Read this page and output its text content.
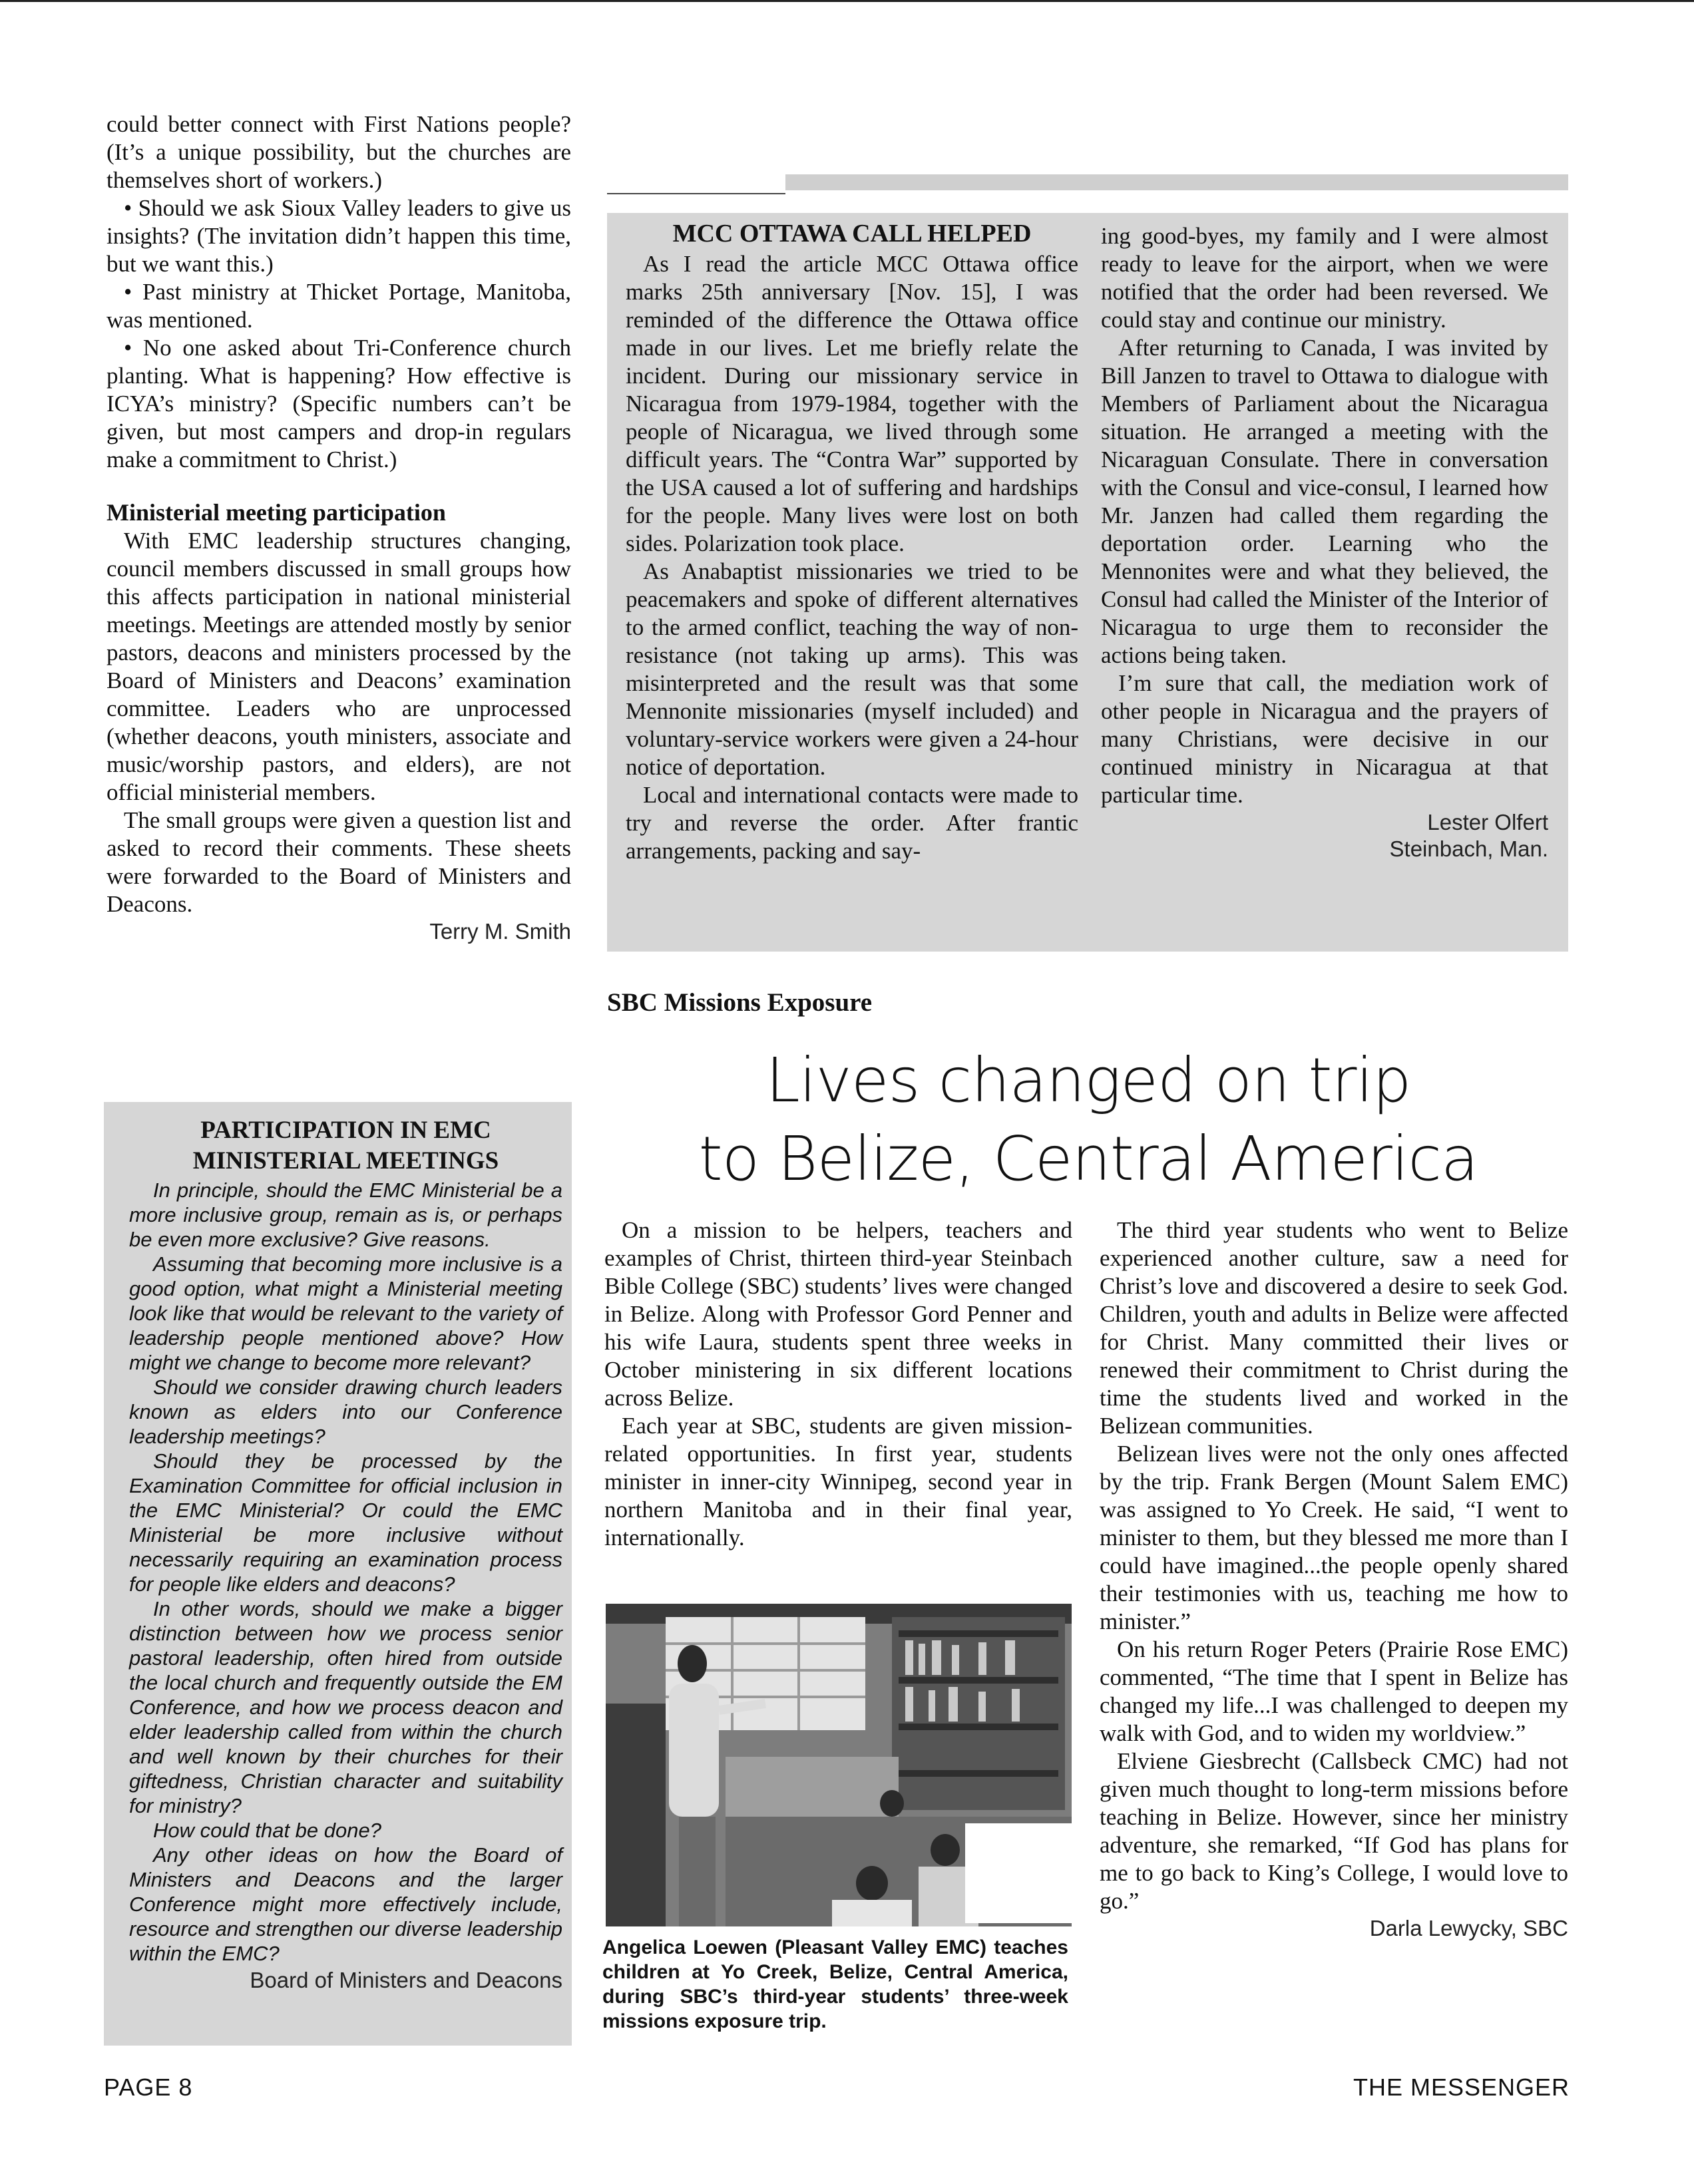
could better connect with First Nations people? (It’s a unique possibility, but the churches are themselves short of workers.)

• Should we ask Sioux Valley leaders to give us insights? (The invitation didn’t happen this time, but we want this.)

• Past ministry at Thicket Portage, Manitoba, was mentioned.

• No one asked about Tri-Conference church planting. What is happening? How effective is ICYA’s ministry? (Specific numbers can’t be given, but most campers and drop-in regulars make a commitment to Christ.)

Ministerial meeting participation

With EMC leadership structures changing, council members discussed in small groups how this affects participation in national ministerial meetings. Meetings are attended mostly by senior pastors, deacons and ministers processed by the Board of Ministers and Deacons’ examination committee. Leaders who are unprocessed (whether deacons, youth ministers, associate and music/worship pastors, and elders), are not official ministerial members.

The small groups were given a question list and asked to record their comments. These sheets were forwarded to the Board of Ministers and Deacons.

Terry M. Smith
PARTICIPATION IN EMC
MINISTERIAL MEETINGS

In principle, should the EMC Ministerial be a more inclusive group, remain as is, or perhaps be even more exclusive? Give reasons.

Assuming that becoming more inclusive is a good option, what might a Ministerial meeting look like that would be relevant to the variety of leadership people mentioned above? How might we change to become more relevant?

Should we consider drawing church leaders known as elders into our Conference leadership meetings?

Should they be processed by the Examination Committee for official inclusion in the EMC Ministerial? Or could the EMC Ministerial be more inclusive without necessarily requiring an examination process for people like elders and deacons?

In other words, should we make a bigger distinction between how we process senior pastoral leadership, often hired from outside the local church and frequently outside the EM Conference, and how we process deacon and elder leadership called from within the church and well known by their churches for their giftedness, Christian character and suitability for ministry?

How could that be done?

Any other ideas on how the Board of Ministers and Deacons and the larger Conference might more effectively include, resource and strengthen our diverse leadership within the EMC?

Board of Ministers and Deacons
MCC OTTAWA CALL HELPED

As I read the article MCC Ottawa office marks 25th anniversary [Nov. 15], I was reminded of the difference the Ottawa office made in our lives. Let me briefly relate the incident. During our missionary service in Nicaragua from 1979-1984, together with the people of Nicaragua, we lived through some difficult years. The “Contra War” supported by the USA caused a lot of suffering and hardships for the people. Many lives were lost on both sides. Polarization took place.

As Anabaptist missionaries we tried to be peacemakers and spoke of different alternatives to the armed conflict, teaching the way of non-resistance (not taking up arms). This was misinterpreted and the result was that some Mennonite missionaries (myself included) and voluntary-service workers were given a 24-hour notice of deportation.

Local and international contacts were made to try and reverse the order. After frantic arrangements, packing and say-

ing good-byes, my family and I were almost ready to leave for the airport, when we were notified that the order had been reversed. We could stay and continue our ministry.

After returning to Canada, I was invited by Bill Janzen to travel to Ottawa to dialogue with Members of Parliament about the Nicaragua situation. He arranged a meeting with the Nicaraguan Consulate. There in conversation with the Consul and vice-consul, I learned how Mr. Janzen had called them regarding the deportation order. Learning who the Mennonites were and what they believed, the Consul had called the Minister of the Interior of Nicaragua to urge them to reconsider the actions being taken.

I’m sure that call, the mediation work of other people in Nicaragua and the prayers of many Christians, were decisive in our continued ministry in Nicaragua at that particular time.

Lester Olfert
Steinbach, Man.
SBC Missions Exposure
Lives changed on trip
to Belize, Central America

On a mission to be helpers, teachers and examples of Christ, thirteen third-year Steinbach Bible College (SBC) students’ lives were changed in Belize. Along with Professor Gord Penner and his wife Laura, students spent three weeks in October ministering in six different locations across Belize.

Each year at SBC, students are given mission-related opportunities. In first year, students minister in inner-city Winnipeg, second year in northern Manitoba and in their final year, internationally.

Angelica Loewen (Pleasant Valley EMC) teaches children at Yo Creek, Belize, Central America, during SBC’s third-year students’ three-week missions exposure trip.

The third year students who went to Belize experienced another culture, saw a need for Christ’s love and discovered a desire to seek God. Children, youth and adults in Belize were affected for Christ. Many committed their lives or renewed their commitment to Christ during the time the students lived and worked in the Belizean communities.

Belizean lives were not the only ones affected by the trip. Frank Bergen (Mount Salem EMC) was assigned to Yo Creek. He said, “I went to minister to them, but they blessed me more than I could have imagined...the people openly shared their testimonies with us, teaching me how to minister.”

On his return Roger Peters (Prairie Rose EMC) commented, “The time that I spent in Belize has changed my life...I was challenged to deepen my walk with God, and to widen my worldview.”

Elviene Giesbrecht (Callsbeck CMC) had not given much thought to long-term missions before teaching in Belize. However, since her ministry adventure, she remarked, “If God has plans for me to go back to King’s College, I would love to go.”

Darla Lewycky, SBC
PAGE 8	THE MESSENGER
